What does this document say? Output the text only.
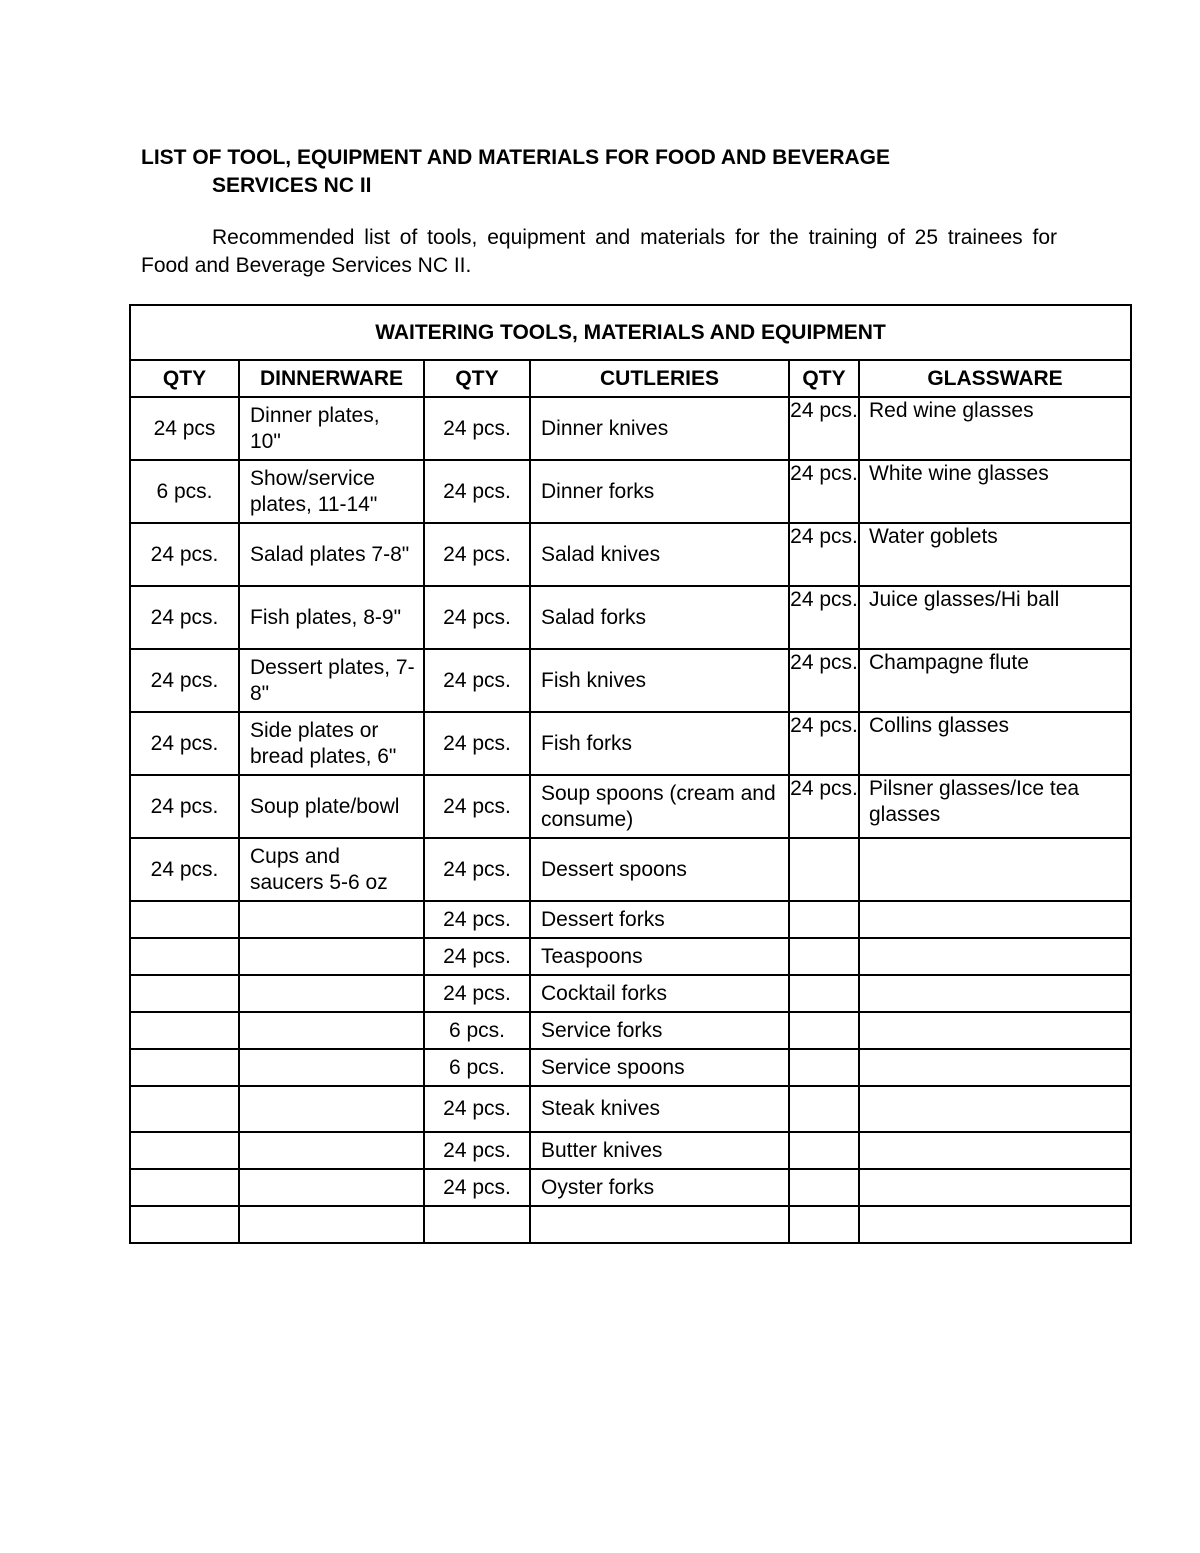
LIST OF TOOL, EQUIPMENT AND MATERIALS FOR FOOD AND BEVERAGE
SERVICES NC II
Recommended list of tools, equipment and materials for the training of 25 trainees for Food and Beverage Services NC II.
WAITERING TOOLS, MATERIALS AND EQUIPMENT					
QTY	DINNERWARE	QTY	CUTLERIES	QTY	GLASSWARE
24 pcs	Dinner plates, 10"	24 pcs.	Dinner knives	24 pcs.	Red wine glasses
6 pcs.	Show/service plates, 11-14"	24 pcs.	Dinner forks	24 pcs.	White wine glasses
24 pcs.	Salad plates 7-8"	24 pcs.	Salad knives	24 pcs.	Water goblets
24 pcs.	Fish plates, 8-9"	24 pcs.	Salad forks	24 pcs.	Juice glasses/Hi ball
24 pcs.	Dessert plates, 7-8"	24 pcs.	Fish knives	24 pcs.	Champagne flute
24 pcs.	Side plates or bread plates, 6"	24 pcs.	Fish forks	24 pcs.	Collins glasses
24 pcs.	Soup plate/bowl	24 pcs.	Soup spoons (cream and consume)	24 pcs.	Pilsner glasses/Ice tea glasses
24 pcs.	Cups and saucers 5-6 oz	24 pcs.	Dessert spoons		
		24 pcs.	Dessert forks		
		24 pcs.	Teaspoons		
		24 pcs.	Cocktail forks		
		6 pcs.	Service forks		
		6 pcs.	Service spoons		
		24 pcs.	Steak knives		
		24 pcs.	Butter knives		
		24 pcs.	Oyster forks		
